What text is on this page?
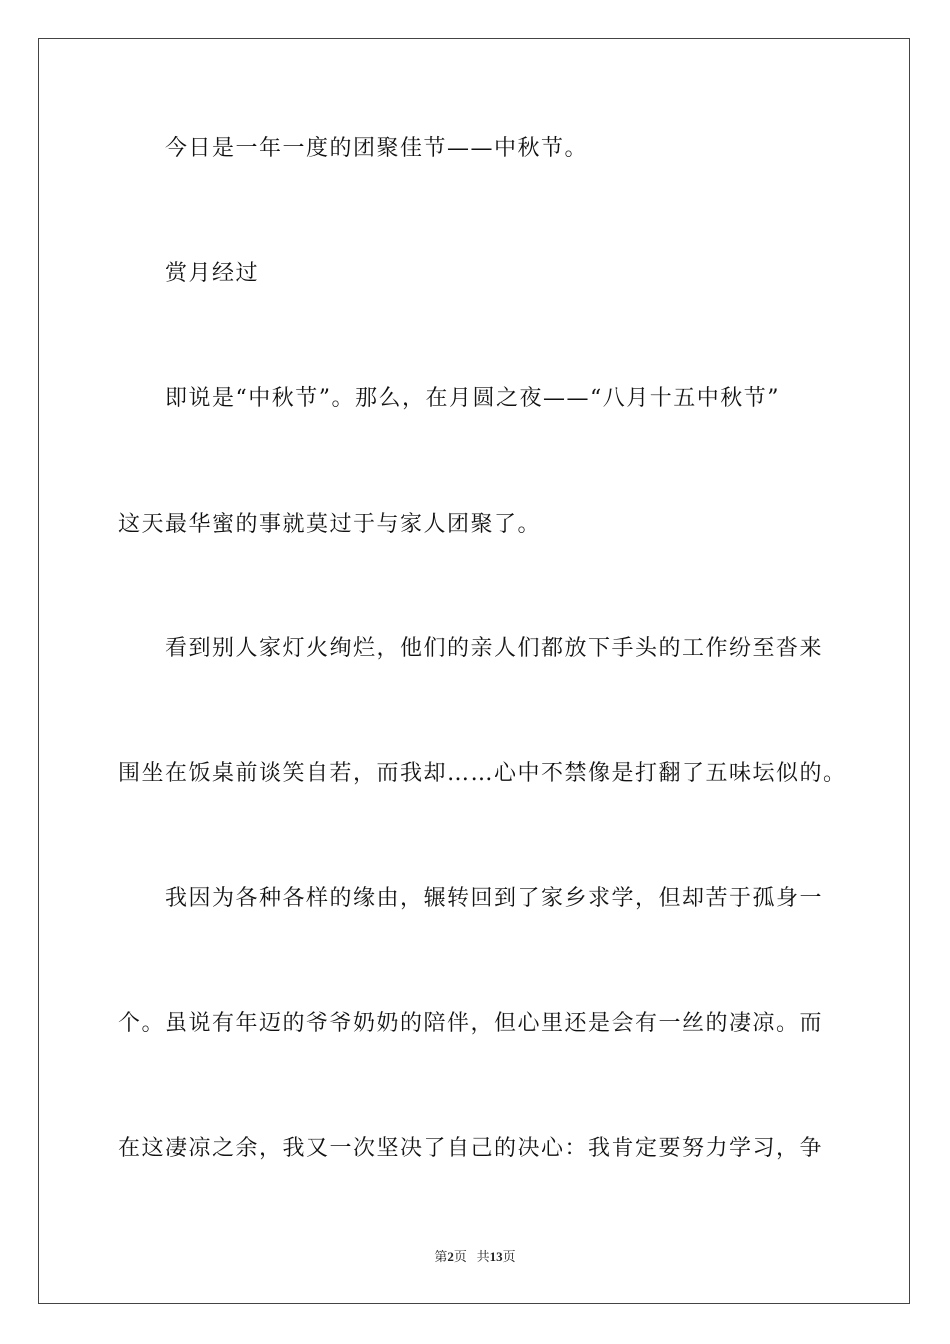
今日是一年一度的团聚佳节——中秋节。
赏月经过
即说是“中秋节”。那么，在月圆之夜——“八月十五中秋节”
这天最华蜜的事就莫过于与家人团聚了。
看到别人家灯火绚烂，他们的亲人们都放下手头的工作纷至沓来
围坐在饭桌前谈笑自若，而我却……心中不禁像是打翻了五味坛似的。
我因为各种各样的缘由，辗转回到了家乡求学，但却苦于孤身一
个。虽说有年迈的爷爷奶奶的陪伴，但心里还是会有一丝的凄凉。而
在这凄凉之余，我又一次坚决了自己的决心：我肯定要努力学习，争
第2页 共13页
